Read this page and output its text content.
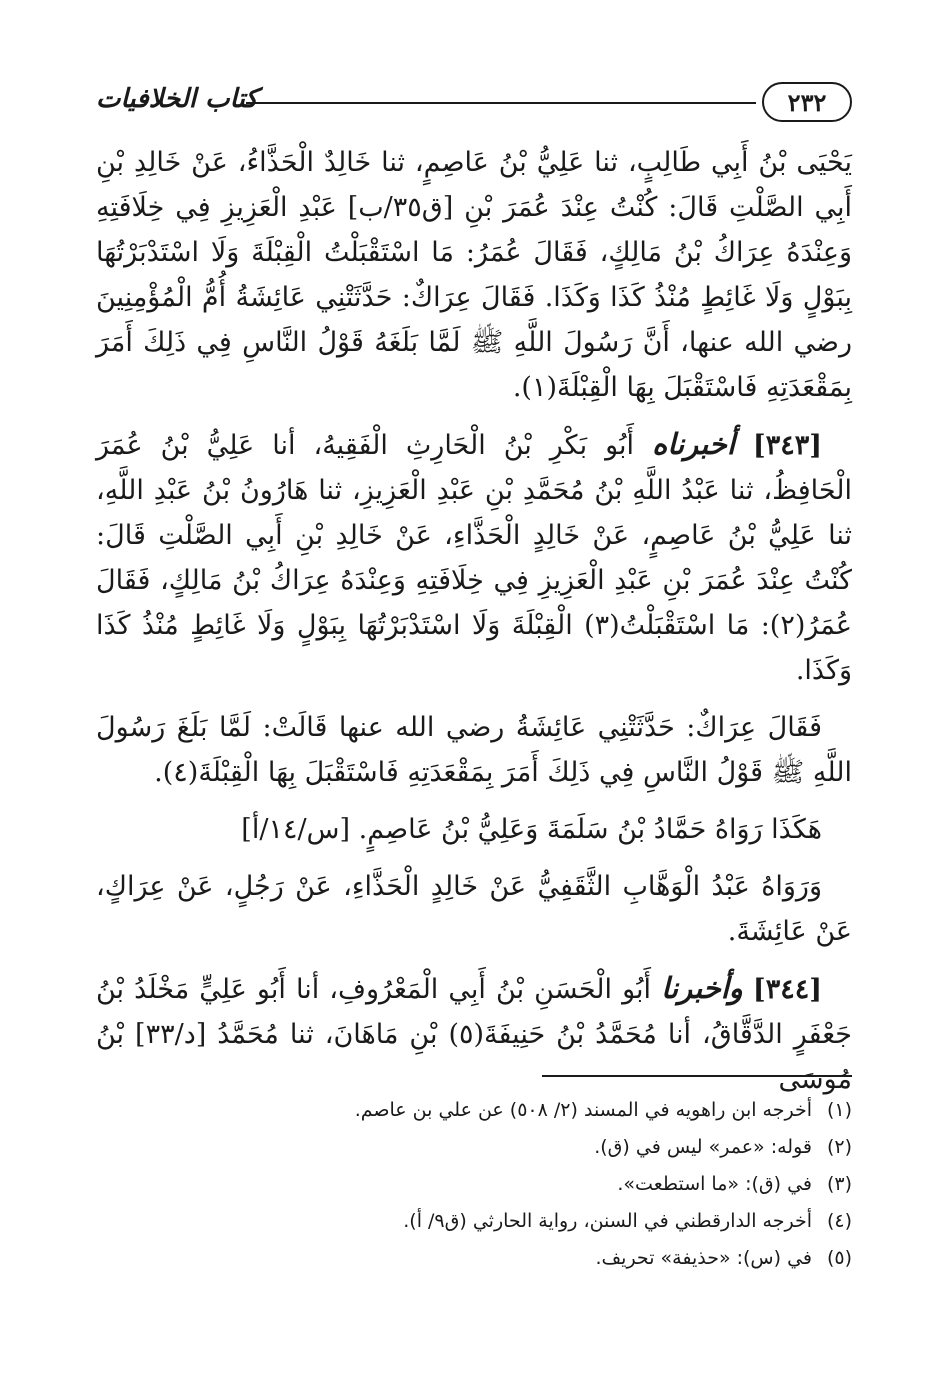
٢٣٢
كتاب الخلافيات

يَحْيَى بْنُ أَبِي طَالِبٍ، ثنا عَلِيُّ بْنُ عَاصِمٍ، ثنا خَالِدٌ الْحَذَّاءُ، عَنْ خَالِدِ بْنِ أَبِي الصَّلْتِ قَالَ: كُنْتُ عِنْدَ عُمَرَ بْنِ [ق٣٥/ب] عَبْدِ الْعَزِيزِ فِي خِلَافَتِهِ وَعِنْدَهُ عِرَاكُ بْنُ مَالِكٍ، فَقَالَ عُمَرُ: مَا اسْتَقْبَلْتُ الْقِبْلَةَ وَلَا اسْتَدْبَرْتُهَا بِبَوْلٍ وَلَا غَائِطٍ مُنْذُ كَذَا وَكَذَا. فَقَالَ عِرَاكٌ: حَدَّثَتْنِي عَائِشَةُ أُمُّ الْمُؤْمِنِينَ رضي الله عنها، أَنَّ رَسُولَ اللَّهِ ﷺ لَمَّا بَلَغَهُ قَوْلُ النَّاسِ فِي ذَلِكَ أَمَرَ بِمَقْعَدَتِهِ فَاسْتَقْبَلَ بِهَا الْقِبْلَةَ(١).

[٣٤٣] أخبرناه أَبُو بَكْرِ بْنُ الْحَارِثِ الْفَقِيهُ، أنا عَلِيُّ بْنُ عُمَرَ الْحَافِظُ، ثنا عَبْدُ اللَّهِ بْنُ مُحَمَّدِ بْنِ عَبْدِ الْعَزِيزِ، ثنا هَارُونُ بْنُ عَبْدِ اللَّهِ، ثنا عَلِيُّ بْنُ عَاصِمٍ، عَنْ خَالِدٍ الْحَذَّاءِ، عَنْ خَالِدِ بْنِ أَبِي الصَّلْتِ قَالَ: كُنْتُ عِنْدَ عُمَرَ بْنِ عَبْدِ الْعَزِيزِ فِي خِلَافَتِهِ وَعِنْدَهُ عِرَاكُ بْنُ مَالِكٍ، فَقَالَ عُمَرُ(٢): مَا اسْتَقْبَلْتُ(٣) الْقِبْلَةَ وَلَا اسْتَدْبَرْتُهَا بِبَوْلٍ وَلَا غَائِطٍ مُنْذُ كَذَا وَكَذَا.

فَقَالَ عِرَاكٌ: حَدَّثَتْنِي عَائِشَةُ رضي الله عنها قَالَتْ: لَمَّا بَلَغَ رَسُولَ اللَّهِ ﷺ قَوْلُ النَّاسِ فِي ذَلِكَ أَمَرَ بِمَقْعَدَتِهِ فَاسْتَقْبَلَ بِهَا الْقِبْلَةَ(٤).

هَكَذَا رَوَاهُ حَمَّادُ بْنُ سَلَمَةَ وَعَلِيُّ بْنُ عَاصِمٍ. [س/١٤/أ]

وَرَوَاهُ عَبْدُ الْوَهَّابِ الثَّقَفِيُّ عَنْ خَالِدٍ الْحَذَّاءِ، عَنْ رَجُلٍ، عَنْ عِرَاكٍ، عَنْ عَائِشَةَ.

[٣٤٤] وأخبرنا أَبُو الْحَسَنِ بْنُ أَبِي الْمَعْرُوفِ، أنا أَبُو عَلِيٍّ مَخْلَدُ بْنُ جَعْفَرٍ الدَّقَّاقُ، أنا مُحَمَّدُ بْنُ حَنِيفَةَ(٥) بْنِ مَاهَانَ، ثنا مُحَمَّدُ [د/٣٣] بْنُ مُوسَى

(١)
أخرجه ابن راهويه في المسند (٢/ ٥٠٨) عن علي بن عاصم.
(٢)
قوله: «عمر» ليس في (ق).
(٣)
في (ق): «ما استطعت».
(٤)
أخرجه الدارقطني في السنن، رواية الحارثي (ق٩/ أ).
(٥)
في (س): «حذيفة» تحريف.
